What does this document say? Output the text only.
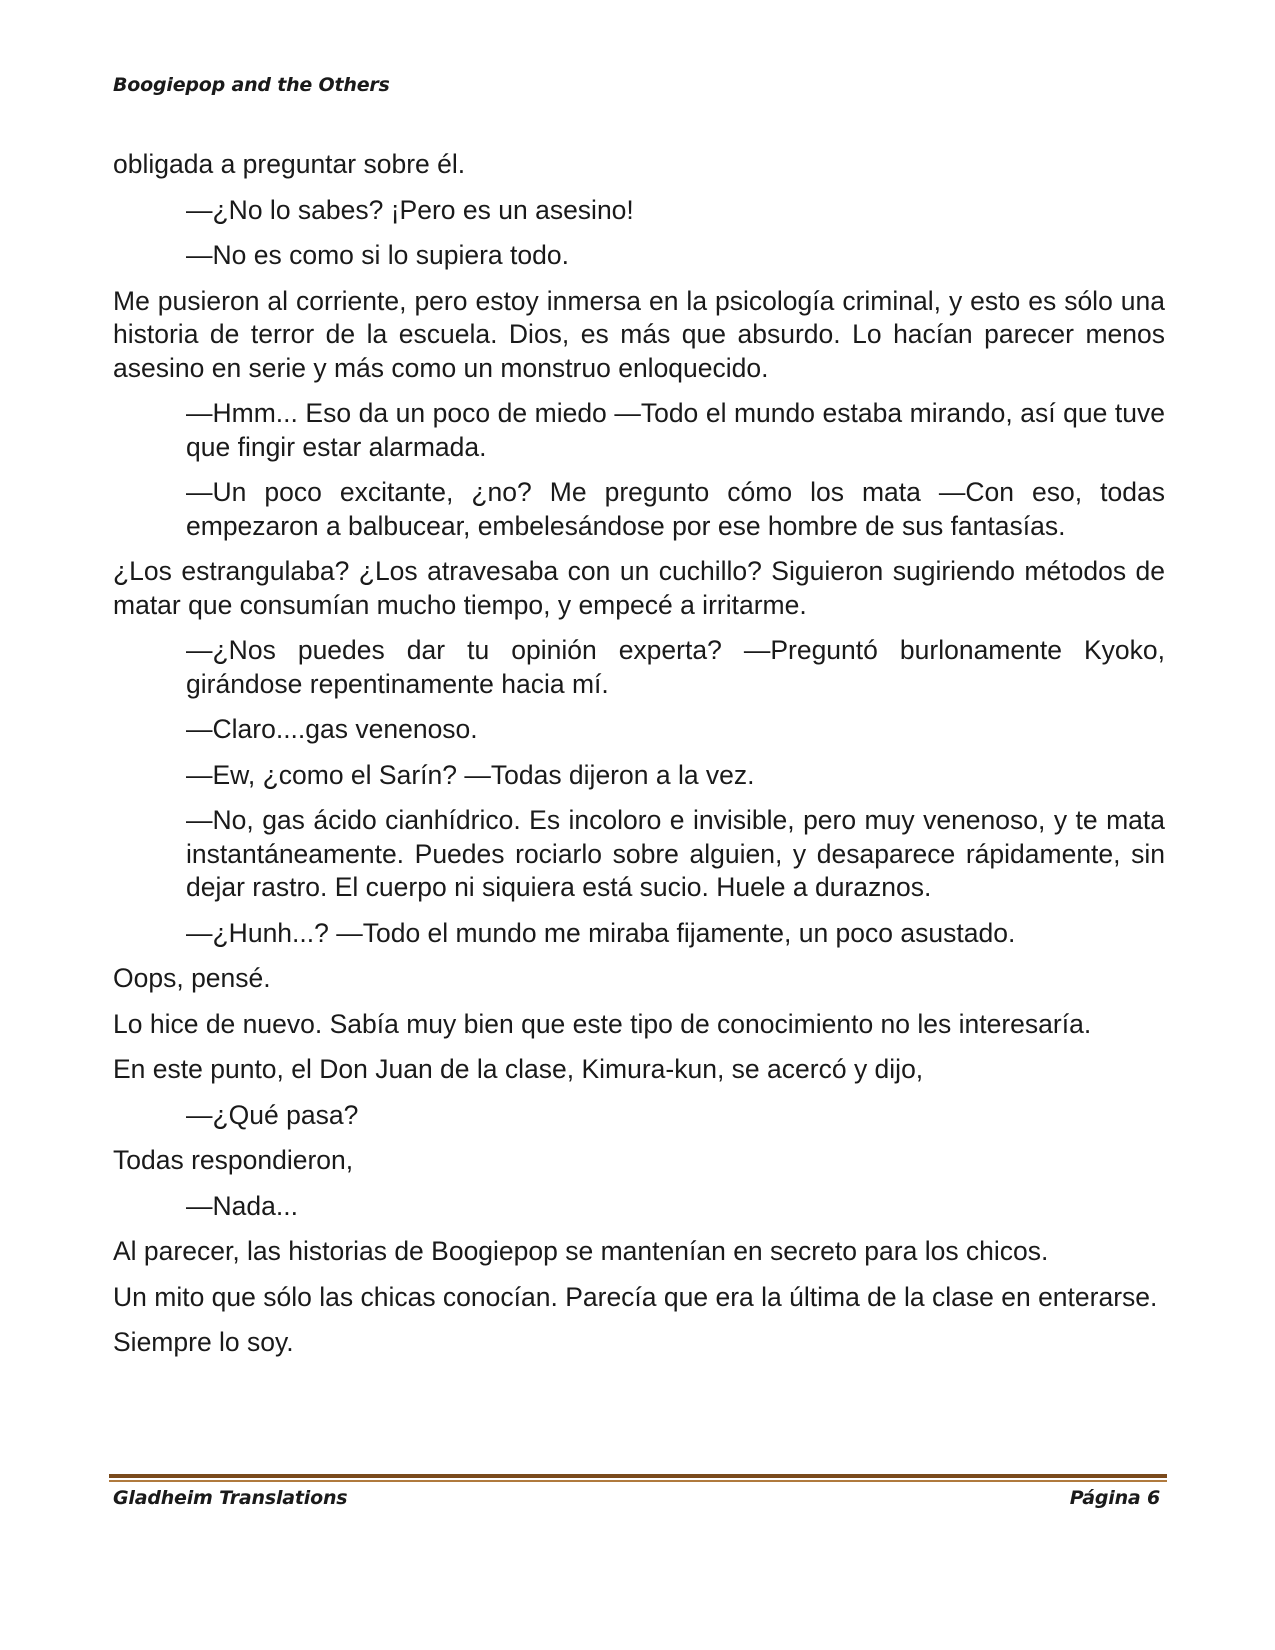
Boogiepop and the Others

obligada a preguntar sobre él.

—¿No lo sabes? ¡Pero es un asesino!

—No es como si lo supiera todo.

Me pusieron al corriente, pero estoy inmersa en la psicología criminal, y esto es sólo una historia de terror de la escuela. Dios, es más que absurdo. Lo hacían parecer menos asesino en serie y más como un monstruo enloquecido.

—Hmm... Eso da un poco de miedo —Todo el mundo estaba mirando, así que tuve que fingir estar alarmada.

—Un poco excitante, ¿no? Me pregunto cómo los mata —Con eso, todas empezaron a balbucear, embelesándose por ese hombre de sus fantasías.

¿Los estrangulaba? ¿Los atravesaba con un cuchillo? Siguieron sugiriendo métodos de matar que consumían mucho tiempo, y empecé a irritarme.

—¿Nos puedes dar tu opinión experta? —Preguntó burlonamente Kyoko, girándose repentinamente hacia mí.

—Claro....gas venenoso.

—Ew, ¿como el Sarín? —Todas dijeron a la vez.

—No, gas ácido cianhídrico. Es incoloro e invisible, pero muy venenoso, y te mata instantáneamente. Puedes rociarlo sobre alguien, y desaparece rápidamente, sin dejar rastro. El cuerpo ni siquiera está sucio. Huele a duraznos.

—¿Hunh...? —Todo el mundo me miraba fijamente, un poco asustado.

Oops, pensé.

Lo hice de nuevo. Sabía muy bien que este tipo de conocimiento no les interesaría.

En este punto, el Don Juan de la clase, Kimura-kun, se acercó y dijo,

—¿Qué pasa?

Todas respondieron,

—Nada...

Al parecer, las historias de Boogiepop se mantenían en secreto para los chicos.

Un mito que sólo las chicas conocían. Parecía que era la última de la clase en enterarse.

Siempre lo soy.

Gladheim Translations	Página 6
